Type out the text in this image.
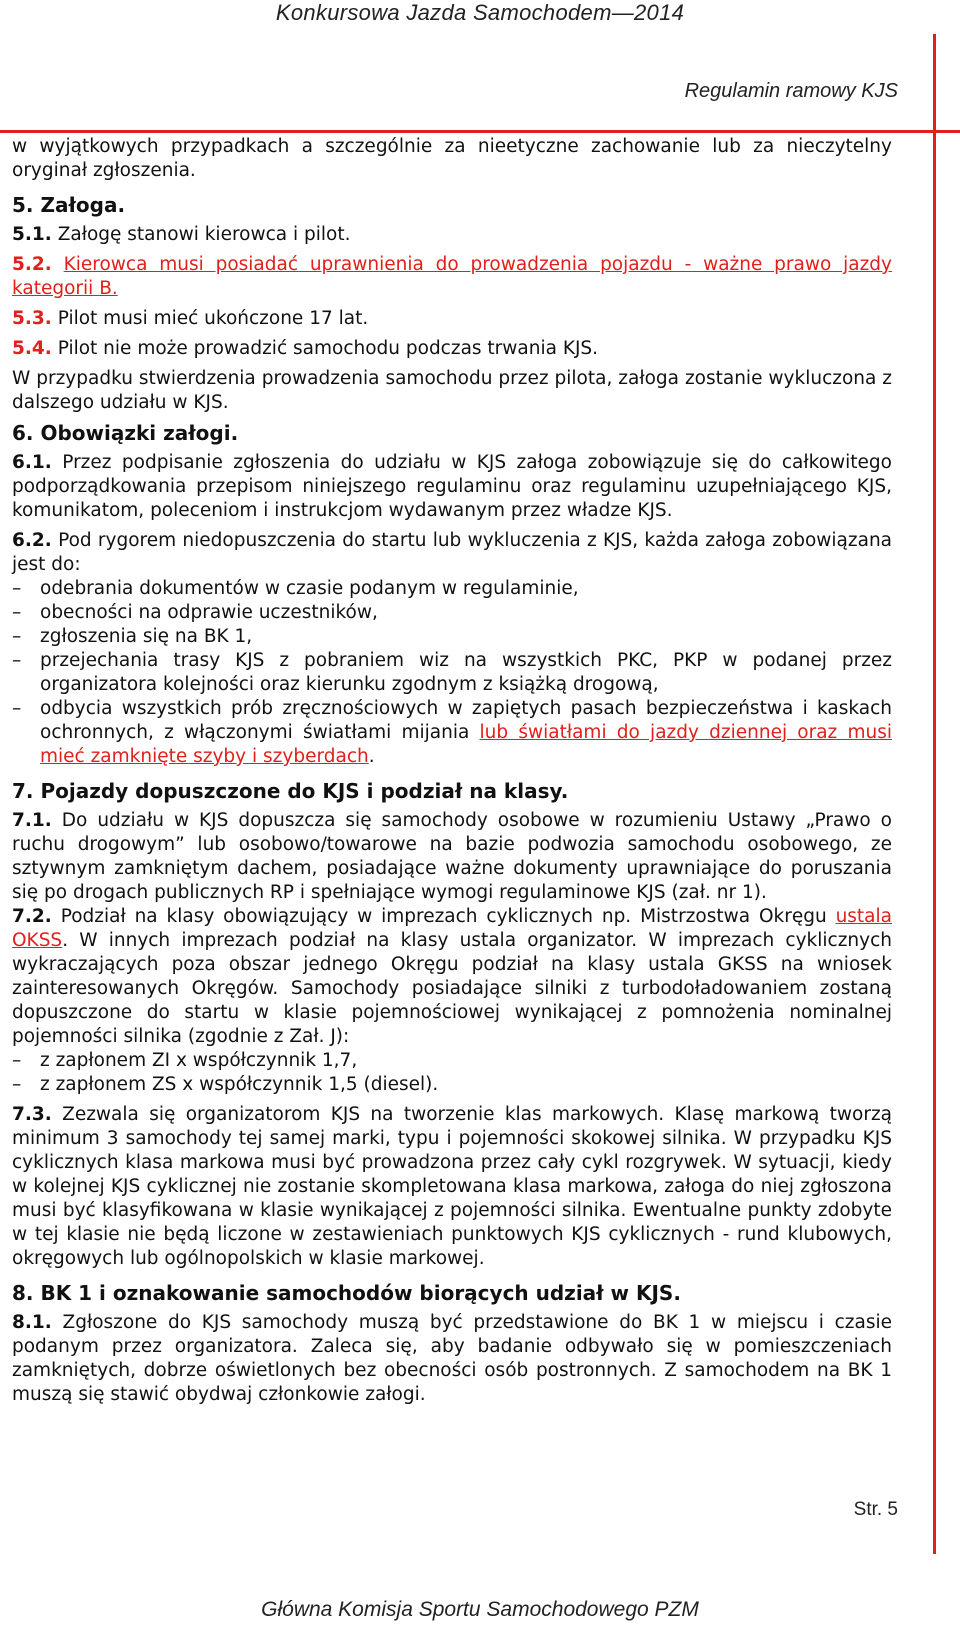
Konkursowa Jazda Samochodem—2014
Regulamin ramowy KJS

w wyjątkowych przypadkach a szczególnie za nieetyczne zachowanie lub za nieczytelny oryginał zgłoszenia.

5. Załoga.

5.1. Załogę stanowi kierowca i pilot.

5.2. Kierowca musi posiadać uprawnienia do prowadzenia pojazdu - ważne prawo jazdy kategorii B.

5.3. Pilot musi mieć ukończone 17 lat.

5.4. Pilot nie może prowadzić samochodu podczas trwania KJS.

W przypadku stwierdzenia prowadzenia samochodu przez pilota, załoga zostanie wykluczona z dalszego udziału w KJS.

6. Obowiązki załogi.

6.1. Przez podpisanie zgłoszenia do udziału w KJS załoga zobowiązuje się do całkowitego podporządkowania przepisom niniejszego regulaminu oraz regulaminu uzupełniającego KJS, komunikatom, poleceniom i instrukcjom wydawanym przez władze KJS.

6.2. Pod rygorem niedopuszczenia do startu lub wykluczenia z KJS, każda załoga zobowiązana jest do:

– odebrania dokumentów w czasie podanym w regulaminie,
– obecności na odprawie uczestników,
– zgłoszenia się na BK 1,
– przejechania trasy KJS z pobraniem wiz na wszystkich PKC, PKP w podanej przez organizatora kolejności oraz kierunku zgodnym z książką drogową,
– odbycia wszystkich prób zręcznościowych w zapiętych pasach bezpieczeństwa i kaskach ochronnych, z włączonymi światłami mijania lub światłami do jazdy dziennej oraz musi mieć zamknięte szyby i szyberdach.
7. Pojazdy dopuszczone do KJS i podział na klasy.

7.1. Do udziału w KJS dopuszcza się samochody osobowe w rozumieniu Ustawy „Prawo o ruchu drogowym” lub osobowo/towarowe na bazie podwozia samochodu osobowego, ze sztywnym zamkniętym dachem, posiadające ważne dokumenty uprawniające do poruszania się po drogach publicznych RP i spełniające wymogi regulaminowe KJS (zał. nr 1).

7.2. Podział na klasy obowiązujący w imprezach cyklicznych np. Mistrzostwa Okręgu ustala OKSS. W innych imprezach podział na klasy ustala organizator. W imprezach cyklicznych wykraczających poza obszar jednego Okręgu podział na klasy ustala GKSS na wniosek zainteresowanych Okręgów. Samochody posiadające silniki z turbodoładowaniem zostaną dopuszczone do startu w klasie pojemnościowej wynikającej z pomnożenia nominalnej pojemności silnika (zgodnie z Zał. J):

– z zapłonem ZI x współczynnik 1,7,
– z zapłonem ZS x współczynnik 1,5 (diesel).

7.3. Zezwala się organizatorom KJS na tworzenie klas markowych. Klasę markową tworzą minimum 3 samochody tej samej marki, typu i pojemności skokowej silnika. W przypadku KJS cyklicznych klasa markowa musi być prowadzona przez cały cykl rozgrywek. W sytuacji, kiedy w kolejnej KJS cyklicznej nie zostanie skompletowana klasa markowa, załoga do niej zgłoszona musi być klasyfikowana w klasie wynikającej z pojemności silnika. Ewentualne punkty zdobyte w tej klasie nie będą liczone w zestawieniach punktowych KJS cyklicznych - rund klubowych, okręgowych lub ogólnopolskich w klasie markowej.

8. BK 1 i oznakowanie samochodów biorących udział w KJS.

8.1. Zgłoszone do KJS samochody muszą być przedstawione do BK 1 w miejscu i czasie podanym przez organizatora. Zaleca się, aby badanie odbywało się w pomieszczeniach zamkniętych, dobrze oświetlonych bez obecności osób postronnych. Z samochodem na BK 1 muszą się stawić obydwaj członkowie załogi.

Str. 5
Główna Komisja Sportu Samochodowego PZM
